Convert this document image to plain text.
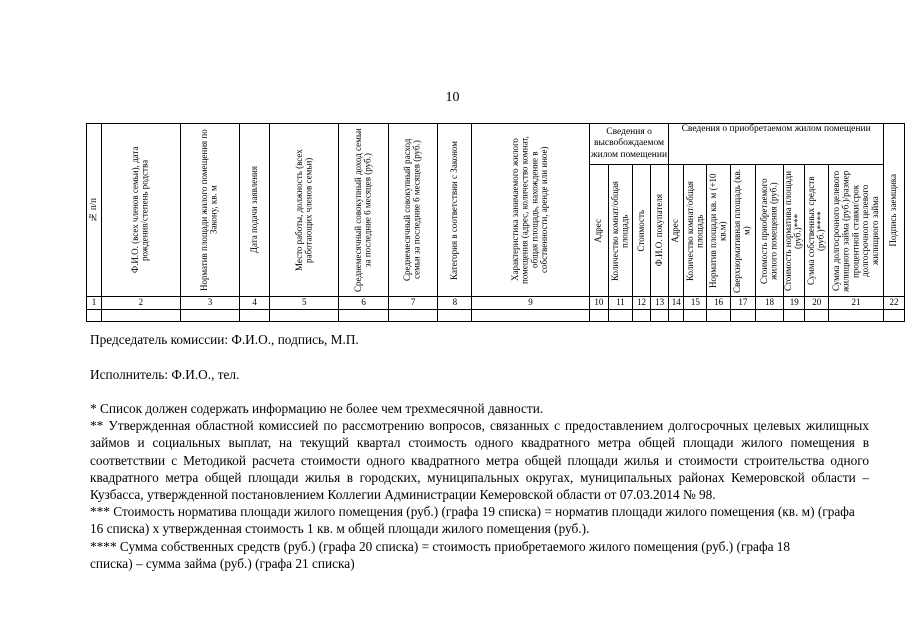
10
№ п/п	Ф.И.О. (всех членов семьи), дата рождения/степень родства	Норматив площади жилого помещения по Закону, кв. м	Дата подачи заявления	Место работы, должность (всех работающих членов семьи)	Среднемесячный совокупный доход семьи за последние 6 месяцев (руб.)	Среднемесячный совокупный расход семьи за последние 6 месяцев (руб.)	Категория в соответствии с Законом	Характеристика занимаемого жилого помещения (адрес, количество комнат, общая площадь, нахождение в собственности, аренде или иное)	Сведения о высвобождаемом жилом помещении				Сведения о приобретаемом жилом помещении								Подпись заемщика

									Адрес	Количество комнат/общая площадь	Стоимость	Ф.И.О. покупателя	Адрес	Количество комнат/общая площадь	Норматив площади кв. м (+10 кв.м)	Сверхнормативная площадь (кв. м)	Стоимость приобретаемого жилого помещения (руб.)	Стоимость норматива площади (руб.)***	Сумма собственных средств (руб.)****	Сумма долгосрочного целевого жилищного займа (руб.)/размер процентной ставки/срок долгосрочного целевого жилищного займа	

1	2	3	4	5	6	7	8	9	10	11	12	13	14	15	16	17	18	19	20	21	22

Председатель комиссии: Ф.И.О., подпись, М.П.
Исполнитель: Ф.И.О., тел.

* Список должен содержать информацию не более чем трехмесячной давности.

** Утвержденная областной комиссией по рассмотрению вопросов, связанных с предоставлением долгосрочных целевых жилищных займов и социальных выплат, на текущий квартал стоимость одного квадратного метра общей площади жилого помещения в соответствии с Методикой расчета стоимости одного квадратного метра общей площади жилья и стоимости строительства одного квадратного метра общей площади жилья в городских, муниципальных округах, муниципальных районах Кемеровской области – Кузбасса, утвержденной постановлением Коллегии Администрации Кемеровской области от 07.03.2014 № 98.

*** Стоимость норматива площади жилого помещения (руб.) (графа 19 списка) = норматив площади жилого помещения (кв. м) (графа 16 списка) х утвержденная стоимость 1 кв. м общей площади жилого помещения (руб.).

**** Сумма собственных средств (руб.) (графа 20 списка) = стоимость приобретаемого жилого помещения (руб.) (графа 18 списка) – сумма займа (руб.) (графа 21 списка)
